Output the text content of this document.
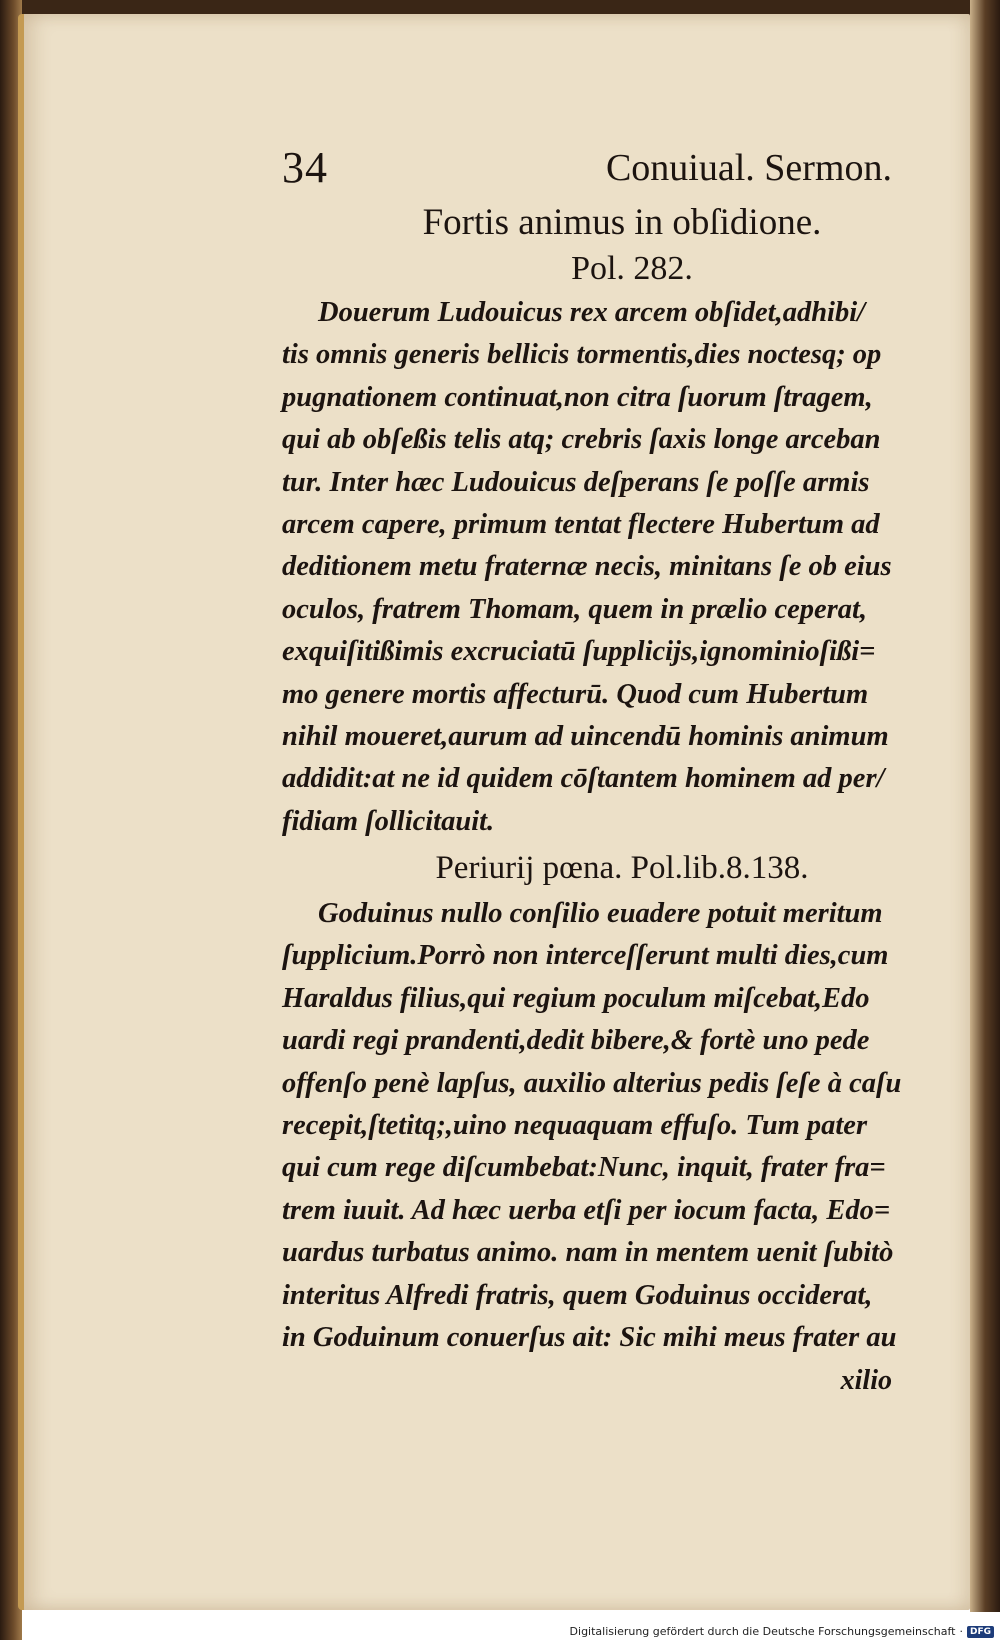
34	Conuiual. Sermon.
Fortis animus in obſidione.
Pol. 282.
Douerum Ludouicus rex arcem obſidet,adhibi/
tis omnis generis bellicis tormentis,dies noctesq; op
pugnationem continuat,non citra ſuorum ſtragem,
qui ab obſeßis telis atq; crebris ſaxis longe arceban
tur. Inter hæc Ludouicus deſperans ſe poſſe armis
arcem capere, primum tentat flectere Hubertum ad
deditionem metu fraternæ necis, minitans ſe ob eius
oculos, fratrem Thomam, quem in prælio ceperat,
exquiſitißimis excruciatū ſupplicijs,ignominioſißi=
mo genere mortis affecturū. Quod cum Hubertum
nihil moueret,aurum ad uincendū hominis animum
addidit:at ne id quidem cōſtantem hominem ad per/
fidiam ſollicitauit.
Periurij pœna. Pol.lib.8.138.
Goduinus nullo conſilio euadere potuit meritum
ſupplicium.Porrò non interceſſerunt multi dies,cum
Haraldus filius,qui regium poculum miſcebat,Edo
uardi regi prandenti,dedit bibere,& fortè uno pede
offenſo penè lapſus, auxilio alterius pedis ſeſe à caſu
recepit,ſtetitq;,uino nequaquam effuſo. Tum pater
qui cum rege diſcumbebat:Nunc, inquit, frater fra=
trem iuuit. Ad hæc uerba etſi per iocum facta, Edo=
uardus turbatus animo. nam in mentem uenit ſubitò
interitus Alfredi fratris, quem Goduinus occiderat,
in Goduinum conuerſus ait: Sic mihi meus frater au
xilio
Digitalisierung gefördert durch die Deutsche Forschungsgemeinschaft · DFG
